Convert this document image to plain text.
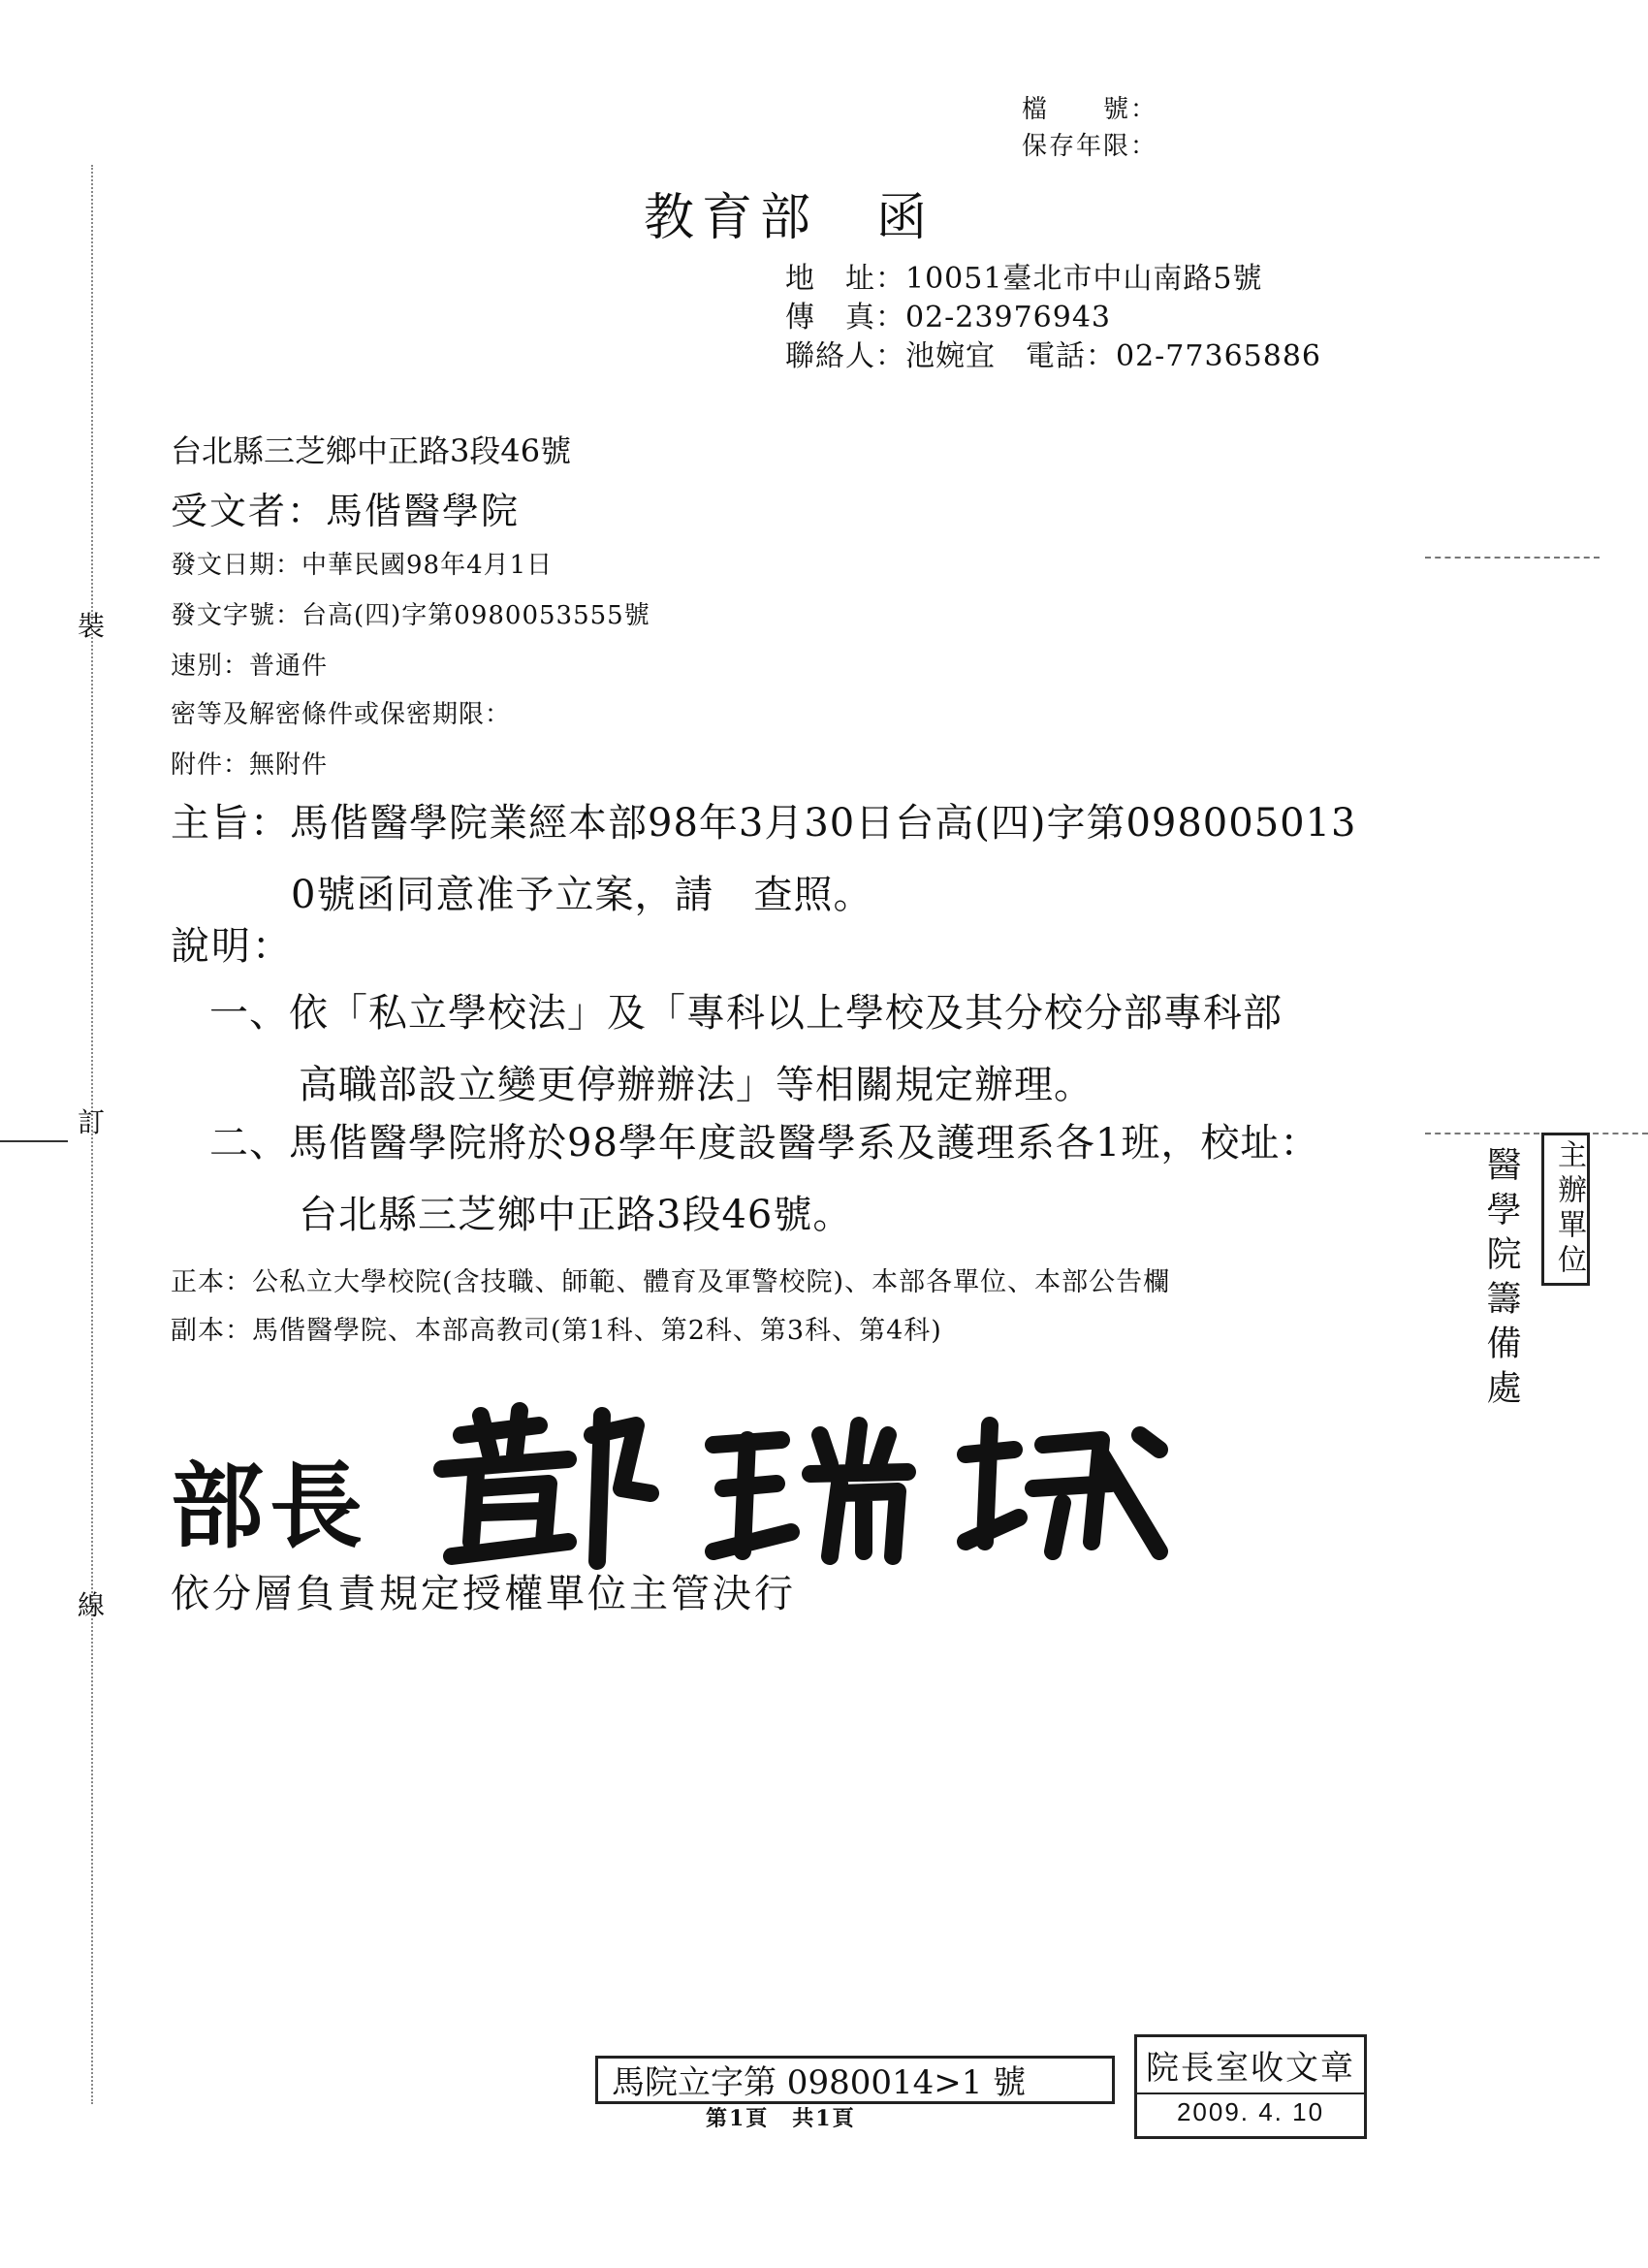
裝
訂
線
檔　　號：
保存年限：
教育部　函
地　址：10051臺北市中山南路5號
傳　真：02-23976943
聯絡人：池婉宜　電話：02-77365886
台北縣三芝鄉中正路3段46號
受文者：馬偕醫學院
發文日期：中華民國98年4月1日
發文字號：台高(四)字第0980053555號
速別：普通件
密等及解密條件或保密期限：
附件：無附件
主旨：馬偕醫學院業經本部98年3月30日台高(四)字第098005013
0號函同意准予立案，請　查照。
說明：
一、依「私立學校法」及「專科以上學校及其分校分部專科部
高職部設立變更停辦辦法」等相關規定辦理。
二、馬偕醫學院將於98學年度設醫學系及護理系各1班，校址：
台北縣三芝鄉中正路3段46號。
正本：公私立大學校院(含技職、師範、體育及軍警校院)、本部各單位、本部公告欄
副本：馬偕醫學院、本部高教司(第1科、第2科、第3科、第4科)
部長
依分層負責規定授權單位主管決行
主辦單位
醫學院籌備處
馬院立字第 0980014>1 號
第1頁　共1頁
院長室收文章
2009. 4. 10
